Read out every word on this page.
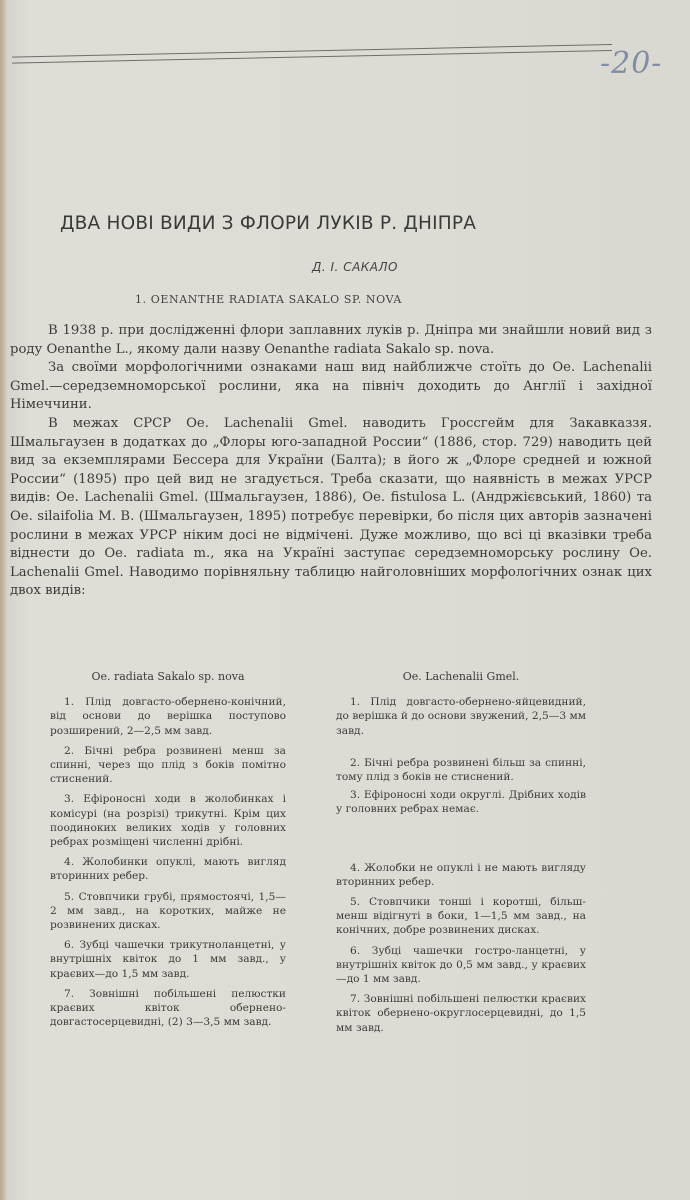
-20-
ДВА НОВІ ВИДИ З ФЛОРИ ЛУКІВ Р. ДНІПРА
Д. І. САКАЛО
1. OENANTHE RADIATA SAKALO SP. NOVA

В 1938 р. при дослідженні флори заплавних луків р. Дніпра ми знайшли новий вид з роду Oenanthe L., якому дали назву Oenanthe radiata Sakalo sp. nova.

За своїми морфологічними ознаками наш вид найближче стоїть до Oe. Lachenalii Gmel.—середземноморської рослини, яка на північ доходить до Англії і західної Німеччини.

В межах СРСР Oe. Lachenalii Gmel. наводить Гроссгейм для Закавказзя. Шмальгаузен в додатках до „Флоры юго-западной России“ (1886, стор. 729) наводить цей вид за екземплярами Бессера для України (Балта); в його ж „Флоре средней и южной России“ (1895) про цей вид не згадується. Треба сказати, що наявність в межах УРСР видів: Oe. Lachenalii Gmel. (Шмальгаузен, 1886), Oe. fistulosa L. (Андржієвський, 1860) та Oe. silaifolia M. B. (Шмальгаузен, 1895) потребує перевірки, бо після цих авторів зазначені рослини в межах УРСР ніким досі не відмічені. Дуже можливо, що всі ці вказівки треба віднести до Oe. radiata m., яка на Україні заступає середземноморську рослину Oe. Lachenalii Gmel. Наводимо порівняльну таблицю найголовніших морфологічних ознак цих двох видів:

Oe. radiata Sakalo sp. nova

1. Плід довгасто-обернено-конічний, від основи до верішка поступово розширений, 2—2,5 мм завд.

2. Бічні ребра розвинені менш за спинні, через що плід з боків помітно стиснений.

3. Ефіроносні ходи в жолобинках і комісурі (на розрізі) трикутні. Крім цих поодиноких великих ходів у головних ребрах розміщені численні дрібні.

4. Жолобинки опуклі, мають вигляд вторинних ребер.

5. Стовпчики грубі, прямостоячі, 1,5—2 мм завд., на коротких, майже не розвинених дисках.

6. Зубці чашечки трикутноланцетні, у внутрішніх квіток до 1 мм завд., у краєвих—до 1,5 мм завд.

7. Зовнішні побільшені пелюстки краєвих квіток обернено-довгастосерцевидні, (2) 3—3,5 мм завд.

Oe. Lachenalii Gmel.

1. Плід довгасто-обернено-яйцевидний, до верішка й до основи звужений, 2,5—3 мм завд.

2. Бічні ребра розвинені більш за спинні, тому плід з боків не стиснений.

3. Ефіроносні ходи округлі. Дрібних ходів у головних ребрах немає.

4. Жолобки не опуклі і не мають вигляду вторинних ребер.

5. Стовпчики тонші і коротші, більш-менш відігнуті в боки, 1—1,5 мм завд., на конічних, добре розвинених дисках.

6. Зубці чашечки гостро-ланцетні, у внутрішніх квіток до 0,5 мм завд., у краєвих—до 1 мм завд.

7. Зовнішні побільшені пелюстки краєвих квіток обернено-округлосерцевидні, до 1,5 мм завд.
